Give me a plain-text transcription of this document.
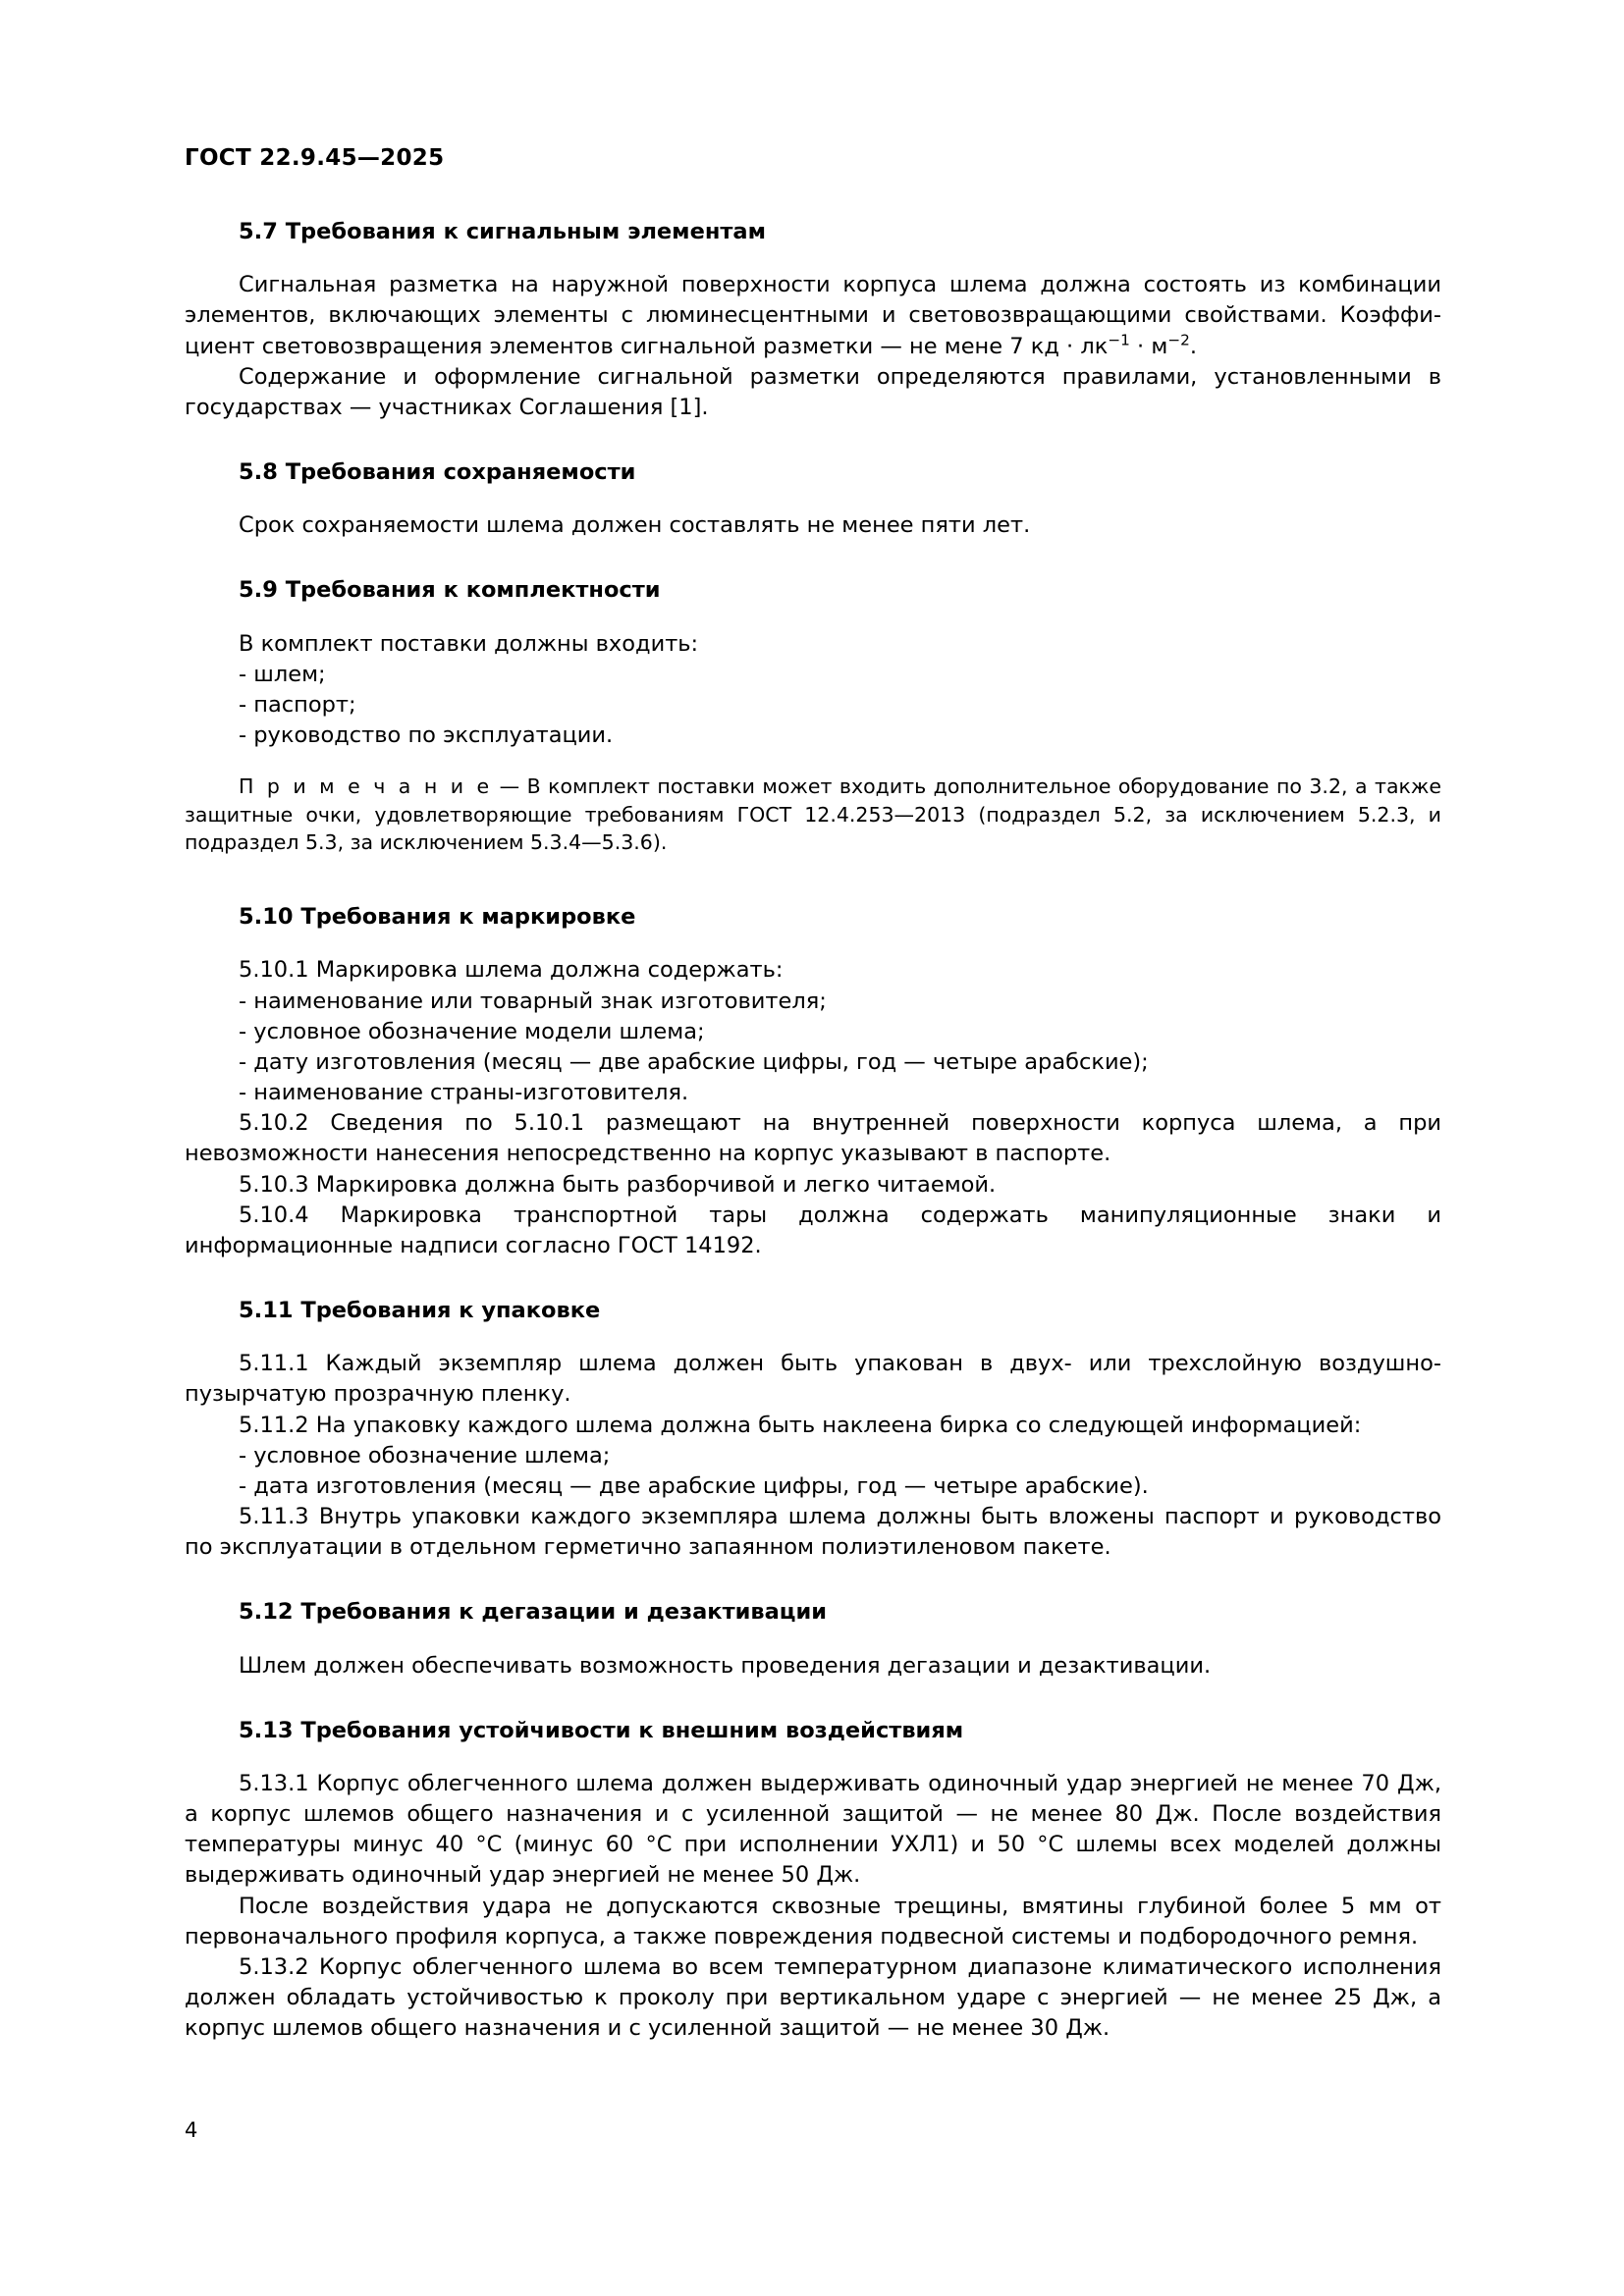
ГОСТ 22.9.45—2025
5.7 Требования к сигнальным элементам

Сигнальная разметка на наружной поверхности корпуса шлема должна состоять из комбинации элементов, включающих элементы с люминесцентными и световозвращающими свойствами. Коэффи-циент световозвращения элементов сигнальной разметки — не мене 7 кд · $лк^{-1} \cdot м^{-2}$.

Содержание и оформление сигнальной разметки определяются правилами, установленными в государствах — участниках Соглашения [1].

5.8 Требования сохраняемости

Срок сохраняемости шлема должен составлять не менее пяти лет.

5.9 Требования к комплектности

В комплект поставки должны входить:

- шлем;

- паспорт;

- руководство по эксплуатации.

П р и м е ч а н и е — В комплект поставки может входить дополнительное оборудование по 3.2, а также защитные очки, удовлетворяющие требованиям ГОСТ 12.4.253—2013 (подраздел 5.2, за исключением 5.2.3, и подраздел 5.3, за исключением 5.3.4—5.3.6).

5.10 Требования к маркировке

5.10.1 Маркировка шлема должна содержать:

- наименование или товарный знак изготовителя;

- условное обозначение модели шлема;

- дату изготовления (месяц — две арабские цифры, год — четыре арабские);

- наименование страны-изготовителя.

5.10.2 Сведения по 5.10.1 размещают на внутренней поверхности корпуса шлема, а при невозможности нанесения непосредственно на корпус указывают в паспорте.

5.10.3 Маркировка должна быть разборчивой и легко читаемой.

5.10.4 Маркировка транспортной тары должна содержать манипуляционные знаки и информационные надписи согласно ГОСТ 14192.

5.11 Требования к упаковке

5.11.1 Каждый экземпляр шлема должен быть упакован в двух- или трехслойную воздушно-пузырчатую прозрачную пленку.

5.11.2 На упаковку каждого шлема должна быть наклеена бирка со следующей информацией:

- условное обозначение шлема;

- дата изготовления (месяц — две арабские цифры, год — четыре арабские).

5.11.3 Внутрь упаковки каждого экземпляра шлема должны быть вложены паспорт и руководство по эксплуатации в отдельном герметично запаянном полиэтиленовом пакете.

5.12 Требования к дегазации и дезактивации

Шлем должен обеспечивать возможность проведения дегазации и дезактивации.

5.13 Требования устойчивости к внешним воздействиям

5.13.1 Корпус облегченного шлема должен выдерживать одиночный удар энергией не менее 70 Дж, а корпус шлемов общего назначения и с усиленной защитой — не менее 80 Дж. После воздействия температуры минус 40 °C (минус 60 °C при исполнении УХЛ1) и 50 °C шлемы всех моделей должны выдерживать одиночный удар энергией не менее 50 Дж.

После воздействия удара не допускаются сквозные трещины, вмятины глубиной более 5 мм от первоначального профиля корпуса, а также повреждения подвесной системы и подбородочного ремня.

5.13.2 Корпус облегченного шлема во всем температурном диапазоне климатического исполнения должен обладать устойчивостью к проколу при вертикальном ударе с энергией — не менее 25 Дж, а корпус шлемов общего назначения и с усиленной защитой — не менее 30 Дж.

4
